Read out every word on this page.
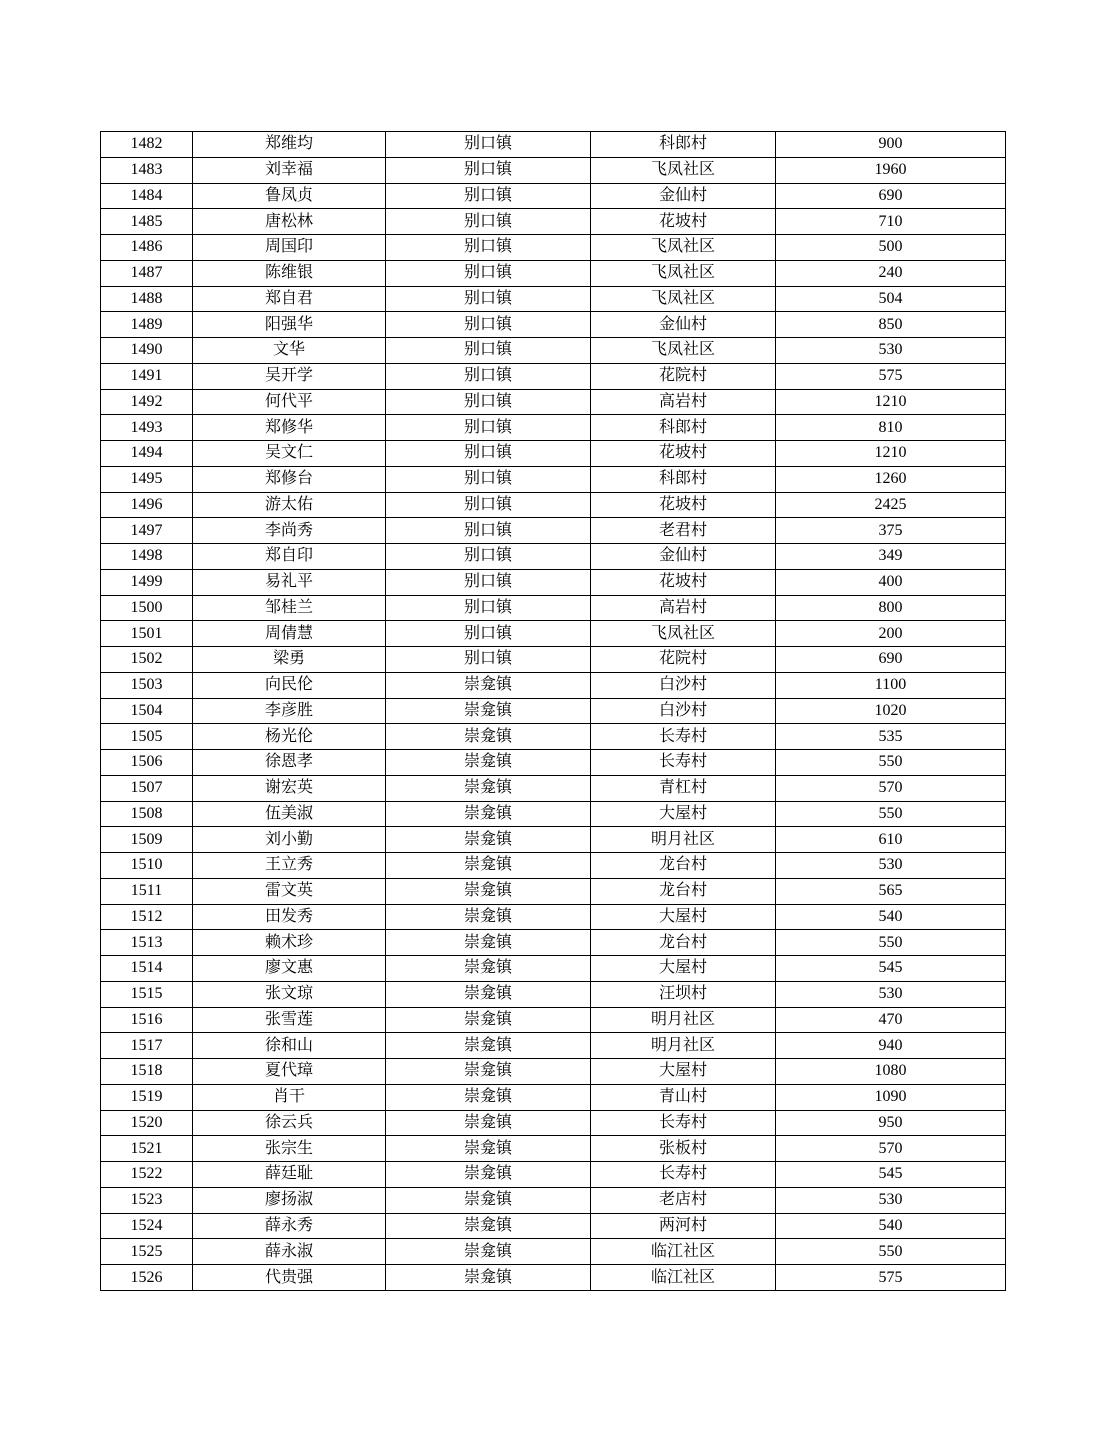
1482	郑维均	别口镇	科郎村	900
1483	刘幸福	别口镇	飞凤社区	1960
1484	鲁凤贞	别口镇	金仙村	690
1485	唐松林	别口镇	花坡村	710
1486	周国印	别口镇	飞凤社区	500
1487	陈维银	别口镇	飞凤社区	240
1488	郑自君	别口镇	飞凤社区	504
1489	阳强华	别口镇	金仙村	850
1490	文华	别口镇	飞凤社区	530
1491	吴开学	别口镇	花院村	575
1492	何代平	别口镇	高岩村	1210
1493	郑修华	别口镇	科郎村	810
1494	吴文仁	别口镇	花坡村	1210
1495	郑修台	别口镇	科郎村	1260
1496	游太佑	别口镇	花坡村	2425
1497	李尚秀	别口镇	老君村	375
1498	郑自印	别口镇	金仙村	349
1499	易礼平	别口镇	花坡村	400
1500	邹桂兰	别口镇	高岩村	800
1501	周倩慧	别口镇	飞凤社区	200
1502	梁勇	别口镇	花院村	690
1503	向民伦	崇龛镇	白沙村	1100
1504	李彦胜	崇龛镇	白沙村	1020
1505	杨光伦	崇龛镇	长寿村	535
1506	徐恩孝	崇龛镇	长寿村	550
1507	谢宏英	崇龛镇	青杠村	570
1508	伍美淑	崇龛镇	大屋村	550
1509	刘小勤	崇龛镇	明月社区	610
1510	王立秀	崇龛镇	龙台村	530
1511	雷文英	崇龛镇	龙台村	565
1512	田发秀	崇龛镇	大屋村	540
1513	赖术珍	崇龛镇	龙台村	550
1514	廖文惠	崇龛镇	大屋村	545
1515	张文琼	崇龛镇	汪坝村	530
1516	张雪莲	崇龛镇	明月社区	470
1517	徐和山	崇龛镇	明月社区	940
1518	夏代璋	崇龛镇	大屋村	1080
1519	肖干	崇龛镇	青山村	1090
1520	徐云兵	崇龛镇	长寿村	950
1521	张宗生	崇龛镇	张板村	570
1522	薛廷耻	崇龛镇	长寿村	545
1523	廖扬淑	崇龛镇	老店村	530
1524	薛永秀	崇龛镇	两河村	540
1525	薛永淑	崇龛镇	临江社区	550
1526	代贵强	崇龛镇	临江社区	575
